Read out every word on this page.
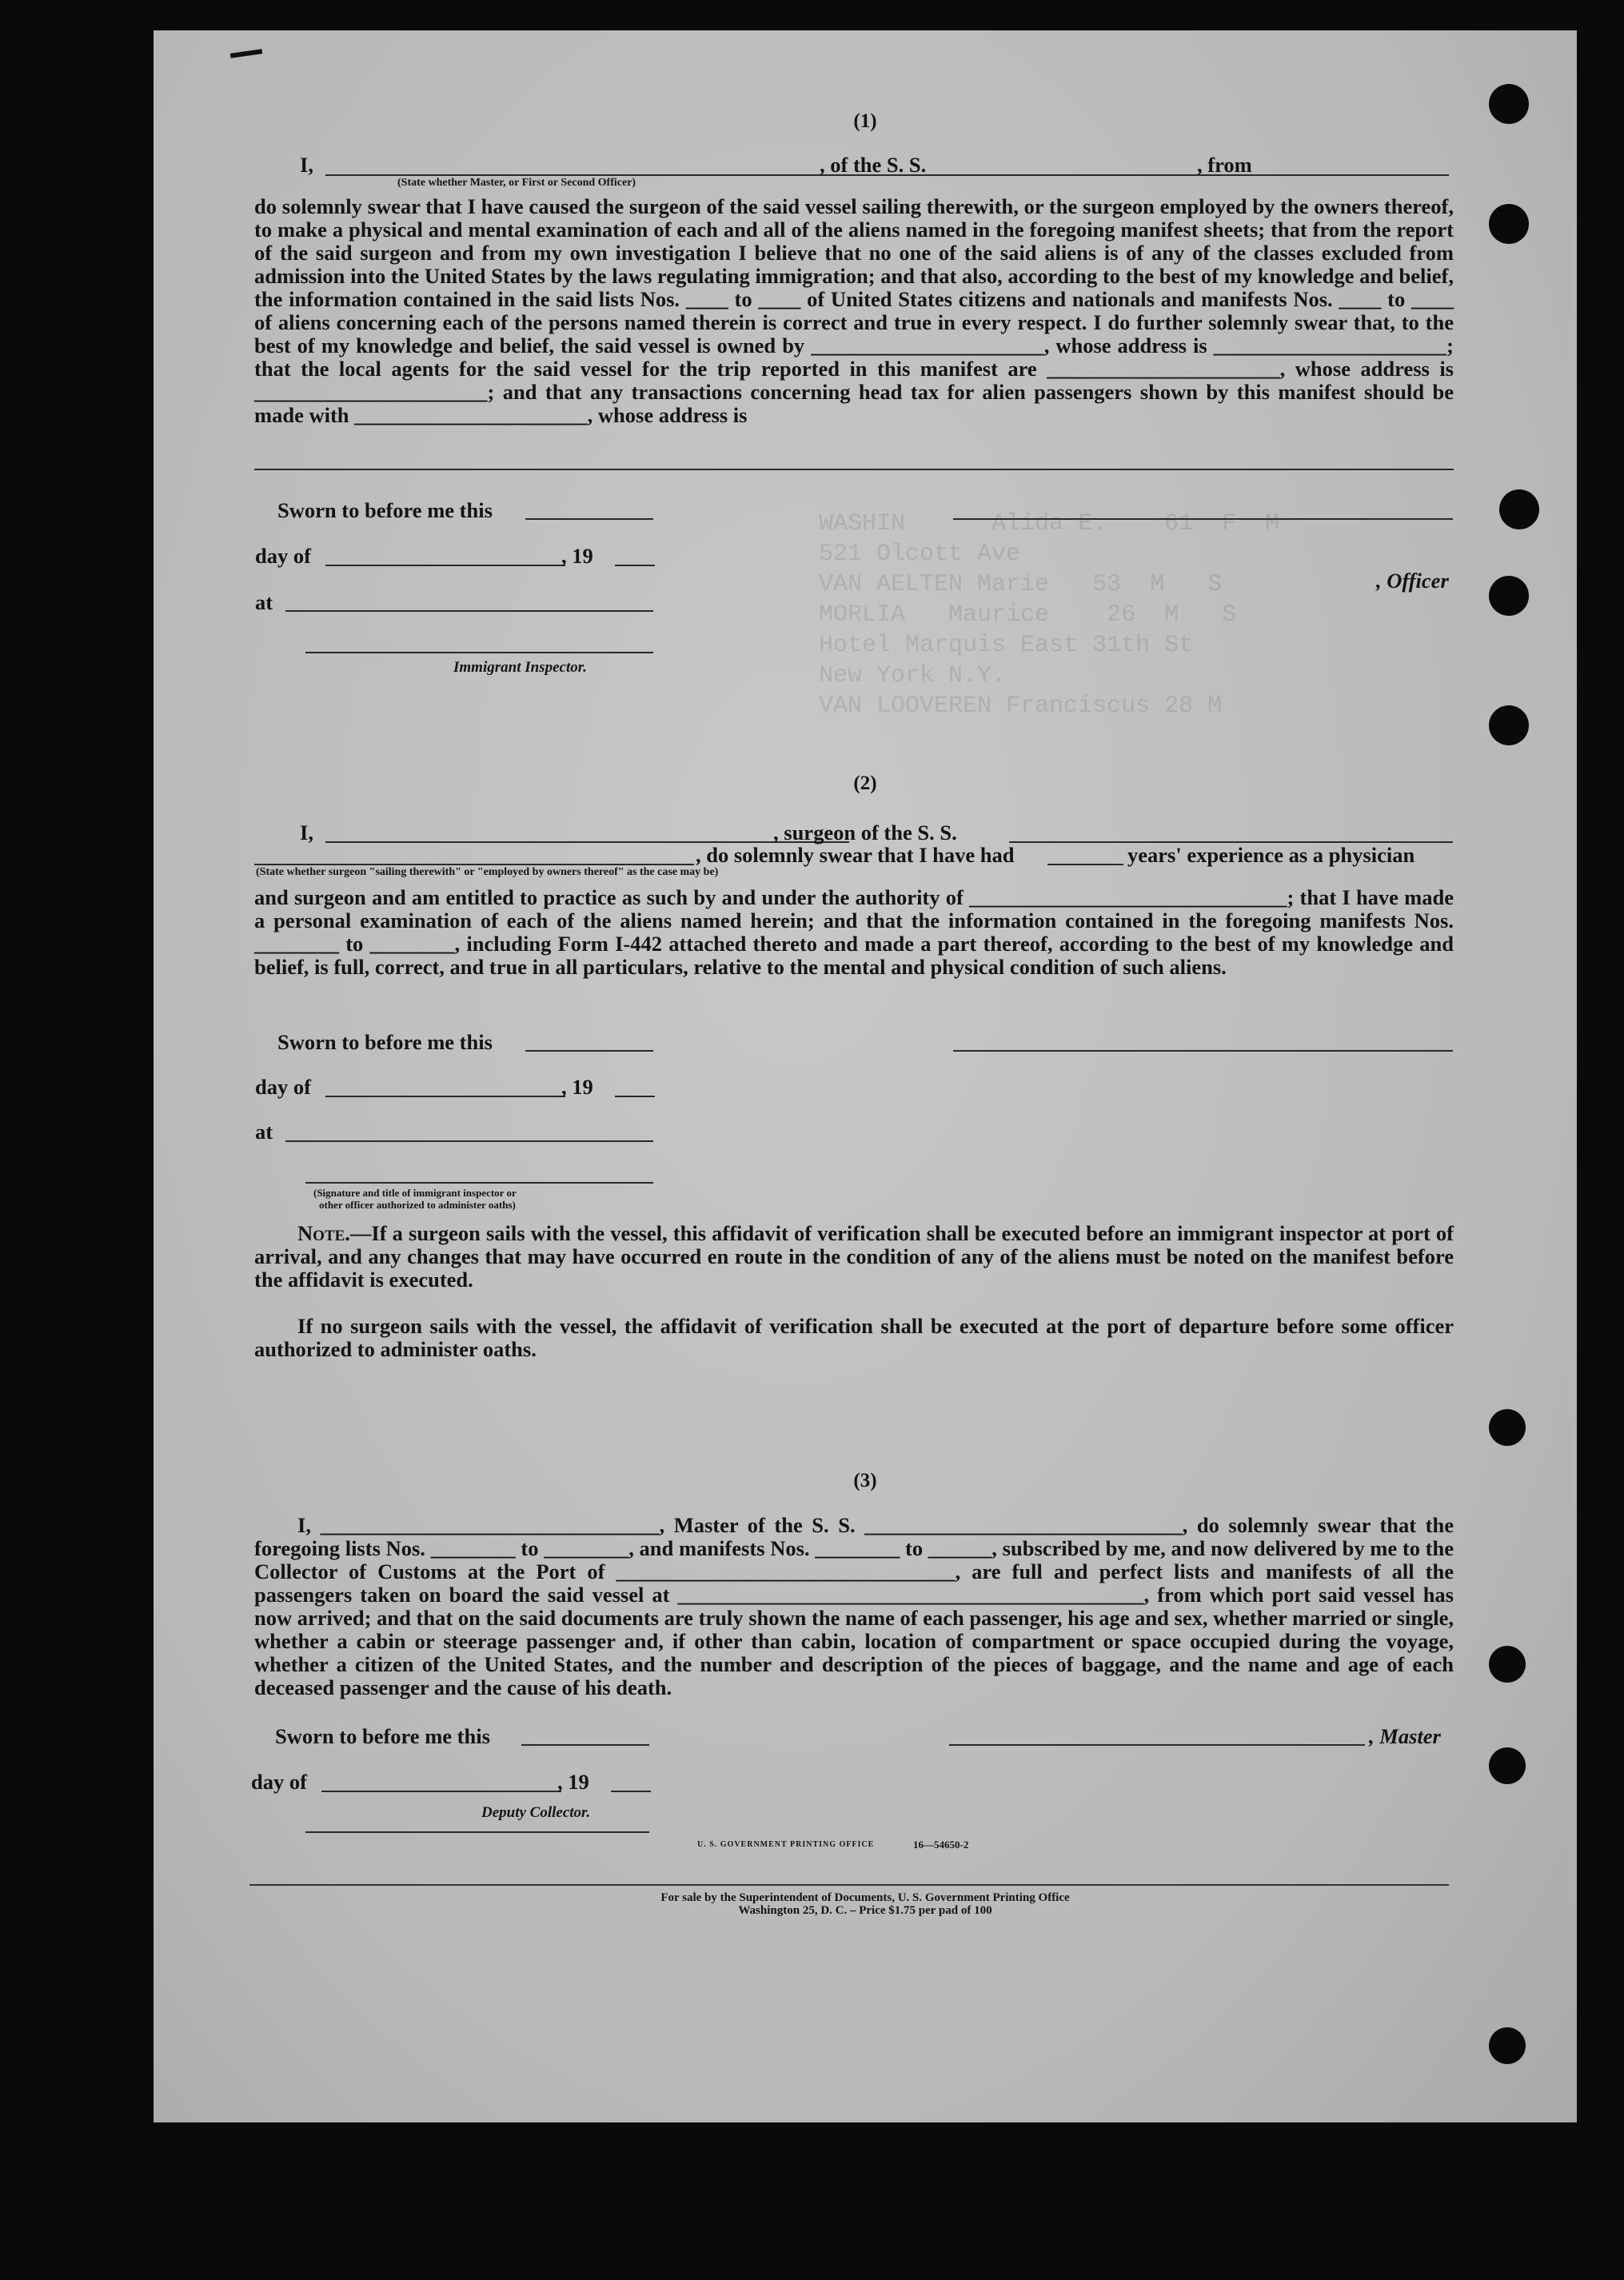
WASHIN      Alida E.    61  F  M
521 Olcott Ave
VAN AELTEN Marie   53  M   S
MORLIA   Maurice    26  M   S
Hotel Marquis East 31th St
New York N.Y.
VAN LOOVEREN Franciscus 28 M

(1)
I,	, of the S. S.	, from
(State whether Master, or First or Second Officer)
do solemnly swear that I have caused the surgeon of the said vessel sailing therewith, or the surgeon employed by the owners thereof, to make a physical and mental examination of each and all of the aliens named in the foregoing manifest sheets; that from the report of the said surgeon and from my own investigation I believe that no one of the said aliens is of any of the classes excluded from admission into the United States by the laws regulating immigration; and that also, according to the best of my knowledge and belief, the information contained in the said lists Nos. ____ to ____ of United States citizens and nationals and manifests Nos. ____ to ____ of aliens concerning each of the persons named therein is correct and true in every respect. I do further solemnly swear that, to the best of my knowledge and belief, the said vessel is owned by ______________________, whose address is ______________________; that the local agents for the said vessel for the trip reported in this manifest are ______________________, whose address is ______________________; and that any transactions concerning head tax for alien passengers shown by this manifest should be made with ______________________, whose address is
Sworn to before me this
day of	, 19
, Officer
at
Immigrant Inspector.
(2)
I,	, surgeon of the S. S.
, do solemnly swear that I have had	years' experience as a physician
(State whether surgeon "sailing therewith" or "employed by owners thereof" as the case may be)
and surgeon and am entitled to practice as such by and under the authority of ______________________________; that I have made a personal examination of each of the aliens named herein; and that the information contained in the foregoing manifests Nos. ________ to ________, including Form I-442 attached thereto and made a part thereof, according to the best of my knowledge and belief, is full, correct, and true in all particulars, relative to the mental and physical condition of such aliens.
Sworn to before me this
day of	, 19
at
(Signature and title of immigrant inspector or
other officer authorized to administer oaths)
Note.—If a surgeon sails with the vessel, this affidavit of verification shall be executed before an immigrant inspector at port of arrival, and any changes that may have occurred en route in the condition of any of the aliens must be noted on the manifest before the affidavit is executed.
If no surgeon sails with the vessel, the affidavit of verification shall be executed at the port of departure before some officer authorized to administer oaths.
(3)
I, ________________________________, Master of the S. S. ______________________________, do solemnly swear that the foregoing lists Nos. ________ to ________, and manifests Nos. ________ to ______, subscribed by me, and now delivered by me to the Collector of Customs at the Port of ________________________________, are full and perfect lists and manifests of all the passengers taken on board the said vessel at ____________________________________________, from which port said vessel has now arrived; and that on the said documents are truly shown the name of each passenger, his age and sex, whether married or single, whether a cabin or steerage passenger and, if other than cabin, location of compartment or space occupied during the voyage, whether a citizen of the United States, and the number and description of the pieces of baggage, and the name and age of each deceased passenger and the cause of his death.
Sworn to before me this	, Master
day of	, 19
Deputy Collector.
U. S. GOVERNMENT PRINTING OFFICE	16—54650-2
For sale by the Superintendent of Documents, U. S. Government Printing Office
Washington 25, D. C. – Price $1.75 per pad of 100
